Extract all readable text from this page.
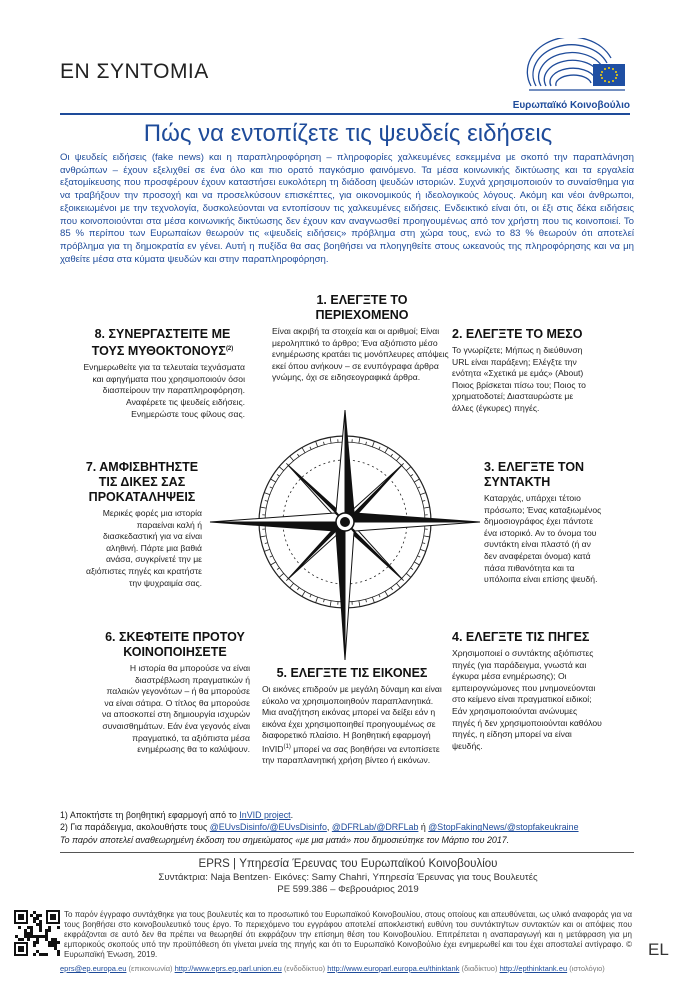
ΕΝ ΣΥΝΤΟΜΙΑ
Ευρωπαϊκό Κοινοβούλιο
Πώς να εντοπίζετε τις ψευδείς ειδήσεις

Οι ψευδείς ειδήσεις (fake news) και η παραπληροφόρηση – πληροφορίες χαλκευμένες εσκεμμένα με σκοπό την παραπλάνηση ανθρώπων – έχουν εξελιχθεί σε ένα όλο και πιο ορατό παγκόσμιο φαινόμενο. Τα μέσα κοινωνικής δικτύωσης και τα εργαλεία εξατομίκευσης που προσφέρουν έχουν καταστήσει ευκολότερη τη διάδοση ψευδών ιστοριών. Συχνά χρησιμοποιούν το συναίσθημα για να τραβήξουν την προσοχή και να προσελκύσουν επισκέπτες, για οικονομικούς ή ιδεολογικούς λόγους. Ακόμη και νέοι άνθρωποι, εξοικειωμένοι με την τεχνολογία, δυσκολεύονται να εντοπίσουν τις χαλκευμένες ειδήσεις. Ενδεικτικό είναι ότι, οι έξι στις δέκα ειδήσεις που κοινοποιούνται στα μέσα κοινωνικής δικτύωσης δεν έχουν καν αναγνωσθεί προηγουμένως από τον χρήστη που τις κοινοποιεί. Το 85 % περίπου των Ευρωπαίων θεωρούν τις «ψευδείς ειδήσεις» πρόβλημα στη χώρα τους, ενώ το 83 % θεωρούν ότι αποτελεί πρόβλημα για τη δημοκρατία εν γένει. Αυτή η πυξίδα θα σας βοηθήσει να πλοηγηθείτε στους ωκεανούς της πληροφόρησης και να μη χαθείτε μέσα στα κύματα ψευδών και στην παραπληροφόρηση.

1. ΕΛΕΓΞΤΕ ΤΟ ΠΕΡΙΕΧΟΜΕΝΟ
Είναι ακριβή τα στοιχεία και οι αριθμοί; Είναι μεροληπτικό το άρθρο; Ένα αξιόπιστο μέσο ενημέρωσης κρατάει τις μονόπλευρες απόψεις εκεί όπου ανήκουν – σε ενυπόγραφα άρθρα γνώμης, όχι σε ειδησεογραφικά άρθρα.
2. ΕΛΕΓΞΤΕ ΤΟ ΜΕΣΟ
Το γνωρίζετε; Μήπως η διεύθυνση URL είναι παράξενη; Ελέγξτε την ενότητα «Σχετικά με εμάς» (About) Ποιος βρίσκεται πίσω του; Ποιος το χρηματοδοτεί; Διασταυρώστε με άλλες (έγκυρες) πηγές.
3. ΕΛΕΓΞΤΕ ΤΟΝ ΣΥΝΤΑΚΤΗ
Καταρχάς, υπάρχει τέτοιο πρόσωπο; Ένας καταξιωμένος δημοσιογράφος έχει πάντοτε ένα ιστορικό. Αν το όνομα του συντάκτη είναι πλαστό (ή αν δεν αναφέρεται όνομα) κατά πάσα πιθανότητα και τα υπόλοιπα είναι επίσης ψευδή.
4. ΕΛΕΓΞΤΕ ΤΙΣ ΠΗΓΕΣ
Χρησιμοποιεί ο συντάκτης αξιόπιστες πηγές (για παράδειγμα, γνωστά και έγκυρα μέσα ενημέρωσης); Οι εμπειρογνώμονες που μνημονεύονται στο κείμενο είναι πραγματικοί ειδικοί; Εάν χρησιμοποιούνται ανώνυμες πηγές ή δεν χρησιμοποιούνται καθόλου πηγές, η είδηση μπορεί να είναι ψευδής.
5. ΕΛΕΓΞΤΕ ΤΙΣ ΕΙΚΟΝΕΣ
Οι εικόνες επιδρούν με μεγάλη δύναμη και είναι εύκολο να χρησιμοποιηθούν παραπλανητικά. Μια αναζήτηση εικόνας μπορεί να δείξει εάν η εικόνα έχει χρησιμοποιηθεί προηγουμένως σε διαφορετικό πλαίσιο. Η βοηθητική εφαρμογή InVID$^{(1)}$ μπορεί να σας βοηθήσει να εντοπίσετε την παραπλανητική χρήση βίντεο ή εικόνων.
6. ΣΚΕΦΤΕΙΤΕ ΠΡΟΤΟΥ ΚΟΙΝΟΠΟΙΗΣΕΤΕ
Η ιστορία θα μπορούσε να είναι διαστρέβλωση πραγματικών ή παλαιών γεγονότων – ή θα μπορούσε να είναι σάτιρα. Ο τίτλος θα μπορούσε να αποσκοπεί στη δημιουργία ισχυρών συναισθημάτων. Εάν ένα γεγονός είναι πραγματικό, τα αξιόπιστα μέσα ενημέρωσης θα το καλύψουν.
7. ΑΜΦΙΣΒΗΤΗΣΤΕ ΤΙΣ ΔΙΚΕΣ ΣΑΣ ΠΡΟΚΑΤΑΛΗΨΕΙΣ
Μερικές φορές μια ιστορία παραείναι καλή ή διασκεδαστική για να είναι αληθινή. Πάρτε μια βαθιά ανάσα, συγκρίνετέ την με αξιόπιστες πηγές και κρατήστε την ψυχραιμία σας.
8. ΣΥΝΕΡΓΑΣΤΕΙΤΕ ΜΕ ΤΟΥΣ ΜΥΘΟΚΤΟΝΟΥΣ$^{(2)}$
Ενημερωθείτε για τα τελευταία τεχνάσματα και αφηγήματα που χρησιμοποιούν όσοι διασπείρουν την παραπληροφόρηση. Αναφέρετε τις ψευδείς ειδήσεις. Ενημερώστε τους φίλους σας.
1) Αποκτήστε τη βοηθητική εφαρμογή από το InVID project.
2) Για παράδειγμα, ακολουθήστε τους @EUvsDisinfo/@EUvsDisinfo, @DFRLab/@DRFLab ή @StopFakingNews/@stopfakeukraine
Το παρόν αποτελεί αναθεωρημένη έκδοση του σημειώματος «με μια ματιά» που δημοσιεύτηκε τον Μάρτιο του 2017.
EPRS | Υπηρεσία Έρευνας του Ευρωπαϊκού Κοινοβουλίου
Συντάκτρια: Naja Bentzen· Εικόνες: Samy Chahri, Υπηρεσία Έρευνας για τους Βουλευτές
PE 599.386 – Φεβρουάριος 2019

Το παρόν έγγραφο συντάχθηκε για τους βουλευτές και το προσωπικό του Ευρωπαϊκού Κοινοβουλίου, στους οποίους και απευθύνεται, ως υλικό αναφοράς για να τους βοηθήσει στο κοινοβουλευτικό τους έργο. Το περιεχόμενο του εγγράφου αποτελεί αποκλειστική ευθύνη του συντάκτη/των συντακτών και οι απόψεις που εκφράζονται σε αυτό δεν θα πρέπει να θεωρηθεί ότι εκφράζουν την επίσημη θέση του Κοινοβουλίου. Επιτρέπεται η αναπαραγωγή και η μετάφραση για μη εμπορικούς σκοπούς υπό την προϋπόθεση ότι γίνεται μνεία της πηγής και ότι το Ευρωπαϊκό Κοινοβούλιο έχει ενημερωθεί και του έχει αποσταλεί αντίγραφο. © Ευρωπαϊκή Ένωση, 2019.	EL
eprs@ep.europa.eu (επικοινωνία) http://www.eprs.ep.parl.union.eu (ενδοδίκτυο) http://www.europarl.europa.eu/thinktank (διαδίκτυο) http://epthinktank.eu (ιστολόγιο)
